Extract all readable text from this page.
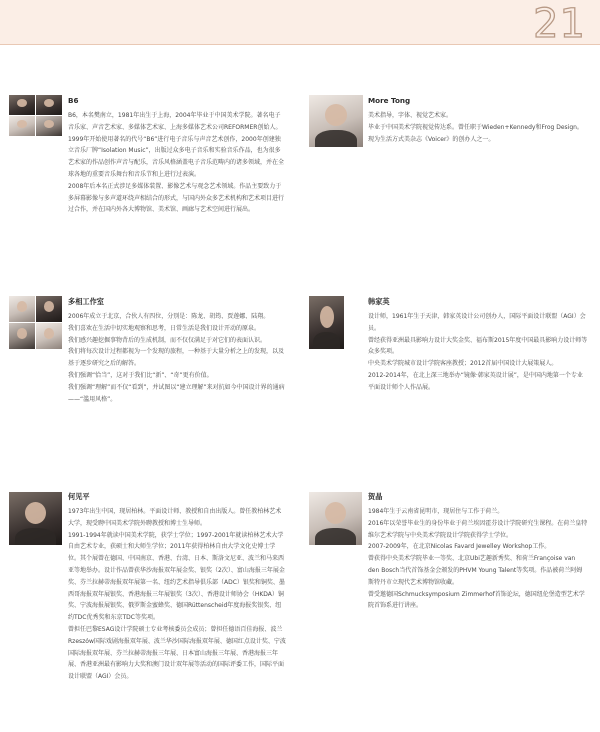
21
B6

B6，本名樊南立，1981年出生于上海，2004年毕业于中国美术学院。著名电子音乐家、声音艺术家、多媒体艺术家、上海多媒体艺术公司REFORMER创始人。

1999年开始使用著名的代号“B6”进行电子音乐与声音艺术创作，2000年创建独立音乐厂牌“Isolation Music”，出版过众多电子音乐和实验音乐作品，也为很多艺术家的作品创作声音与配乐，音乐风格涵盖电子音乐范畴内的诸多领域，并在全球各地的重要音乐舞台和音乐节和上进行过表演。

2008年后本名正式涉足多媒体装置、影像艺术与观念艺术领域。作品主要致力于多屏幕影像与多声道环绕声相结合的形式，与国内外众多艺术机构和艺术项目进行过合作，并在国内外各大博物馆、美术馆、画廊与艺术空间进行展出。

More Tong

美术指导，字体、视觉艺术家。

毕业于中国美术学院视觉传达系。曾任职于Wieden+Kennedy和Frog Design。现为生活方式美杂志《Voicer》的创办人之一。

多相工作室

2006年成立于北京，合伙人有四位，分别是：陈龙、胡筠、贾莲娜、陆翔。

我们喜欢在生活中切实地观察和思考，日常生活是我们设计开动的原泉。

我们感兴趣挖掘事物背后的生成机制，而不仅仅满足于对它们的表面认识。

我们将每次设计过程都视为一个发现的旅程，一种基于大量分析之上的发现，以及基于逐步研究之后的解答。

我们强调“恰当”，这对于我们比“新”、“奇”更有价值。

我们强调“理解”而不仅“看到”，并试图以“建立理解”来对抗如今中国设计界的通病——“滥用风格”。

韩家英

设计师，1961年生于天津，韩家英设计公司创办人，国际平面设计联盟（AGI）会员。

曾经获得亚洲最具影响力设计大奖金奖、福布斯2015年度中国最具影响力设计师等众多奖项。

中央美术学院城市设计学院客座教授；2012首届中国设计大展策展人。

2012-2014年，在北上深三地举办“镜像·韩家英设计展”，是中国内地第一个专业平面设计师个人作品展。

何见平

1973年出生中国，现居柏林。平面设计师、教授和自由出版人。曾任教柏林艺术大学，现受聘中国美术学院外聘教授和博士生导师。

1991-1994年就读中国美术学院，获学士学位；1997-2001年就读柏林艺术大学自由艺术专业，获硕士和大师生学位；2011年获得柏林自由大学文化史博士学位。其个展曾在德国、中国南京、香港、台湾、日本、斯洛文尼亚、波兰和马来西亚等地举办。设计作品曾获华沙海报双年展金奖、银奖（2次）、富山海报三年展金奖、芬兰拉赫蒂海报双年展第一名、纽约艺术指导俱乐部（ADC）银奖和铜奖、墨西哥海报双年展银奖、香港海报三年展银奖（3次）、香港设计师协会（HKDA）铜奖、宁波海报展银奖、俄罗斯金蜜蜂奖、德国Rüttenscheid年度海报奖银奖、纽约TDC优秀奖和东京TDC等奖项。

曾担任巴黎ESAG设计学院硕士专业考核委员会成员；曾担任德语百佳海报、波兰Rzeszów国际戏剧海报双年展、波兰华沙国际海报双年展、德国红点设计奖、宁波国际海报双年展、芬兰拉赫蒂海报三年展、日本富山海报三年展、香港海报三年展、香港亚洲最有影响力大奖和澳门设计双年展等活动的国际评委工作，国际平面设计联盟（AGI）会员。

贺晶

1984年生于云南省昆明市，现居住与工作于荷兰。

2016年以荣誉毕业生的身份毕业于荷兰埃因霍芬设计学院研究生课程。在荷兰皇特维尔艺术学院与中央美术学院设计学院获得学士学位。

2007-2009年，在北京Nicolas Favard Jewelley Workshop工作。

曾获得中央美术学院毕业一等奖、北京Ubi艺趣新秀奖、和荷兰Françoise van den Bosch当代首饰基金会颁发的PHVM Young Talent等奖项。作品被荷兰阿姆斯特丹市立现代艺术博物馆收藏。

曾受邀德国Schmucksymposium Zimmerhof首饰论坛，德国纽伦堡造型艺术学院首饰系进行讲座。
